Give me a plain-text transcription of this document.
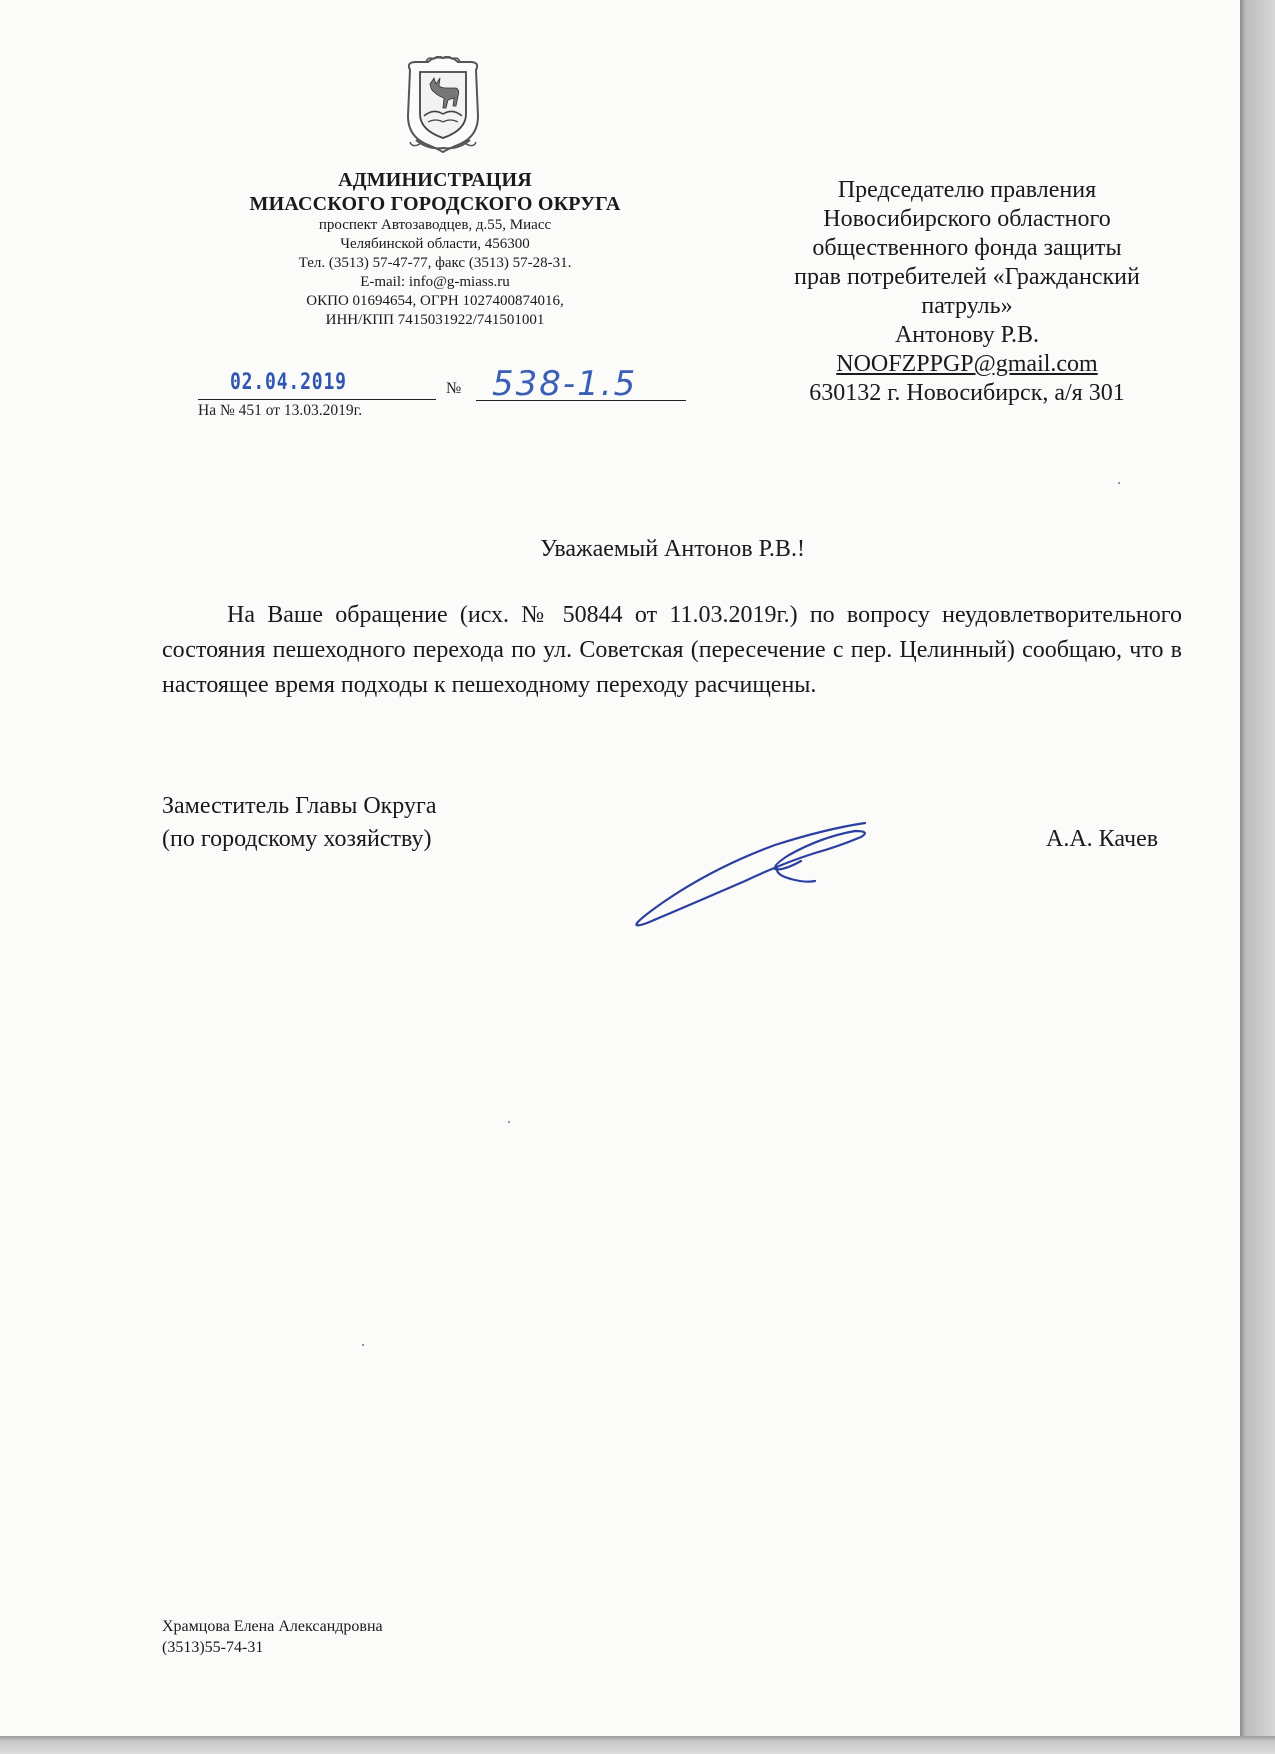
АДМИНИСТРАЦИЯ
МИАССКОГО ГОРОДСКОГО ОКРУГА
проспект Автозаводцев, д.55, Миасс
Челябинской области, 456300
Тел. (3513) 57-47-77, факс (3513) 57-28-31.
E-mail: info@g-miass.ru
ОКПО 01694654, ОГРН 1027400874016,
ИНН/КПП 7415031922/741501001
02.04.2019	№ 538-1.5
На № 451 от 13.03.2019г.
Председателю правления
Новосибирского областного
общественного фонда защиты
прав потребителей «Гражданский
патруль»
Антонову Р.В.
NOOFZPPGP@gmail.com
630132 г. Новосибирск, а/я 301
Уважаемый Антонов Р.В.!
На Ваше обращение (исх. № 50844 от 11.03.2019г.) по вопросу неудовлетворительного состояния пешеходного перехода по ул. Советская (пересечение с пер. Целинный) сообщаю, что в настоящее время подходы к пешеходному переходу расчищены.
Заместитель Главы Округа
(по городскому хозяйству)	А.А. Качев
Храмцова Елена Александровна
(3513)55-74-31
